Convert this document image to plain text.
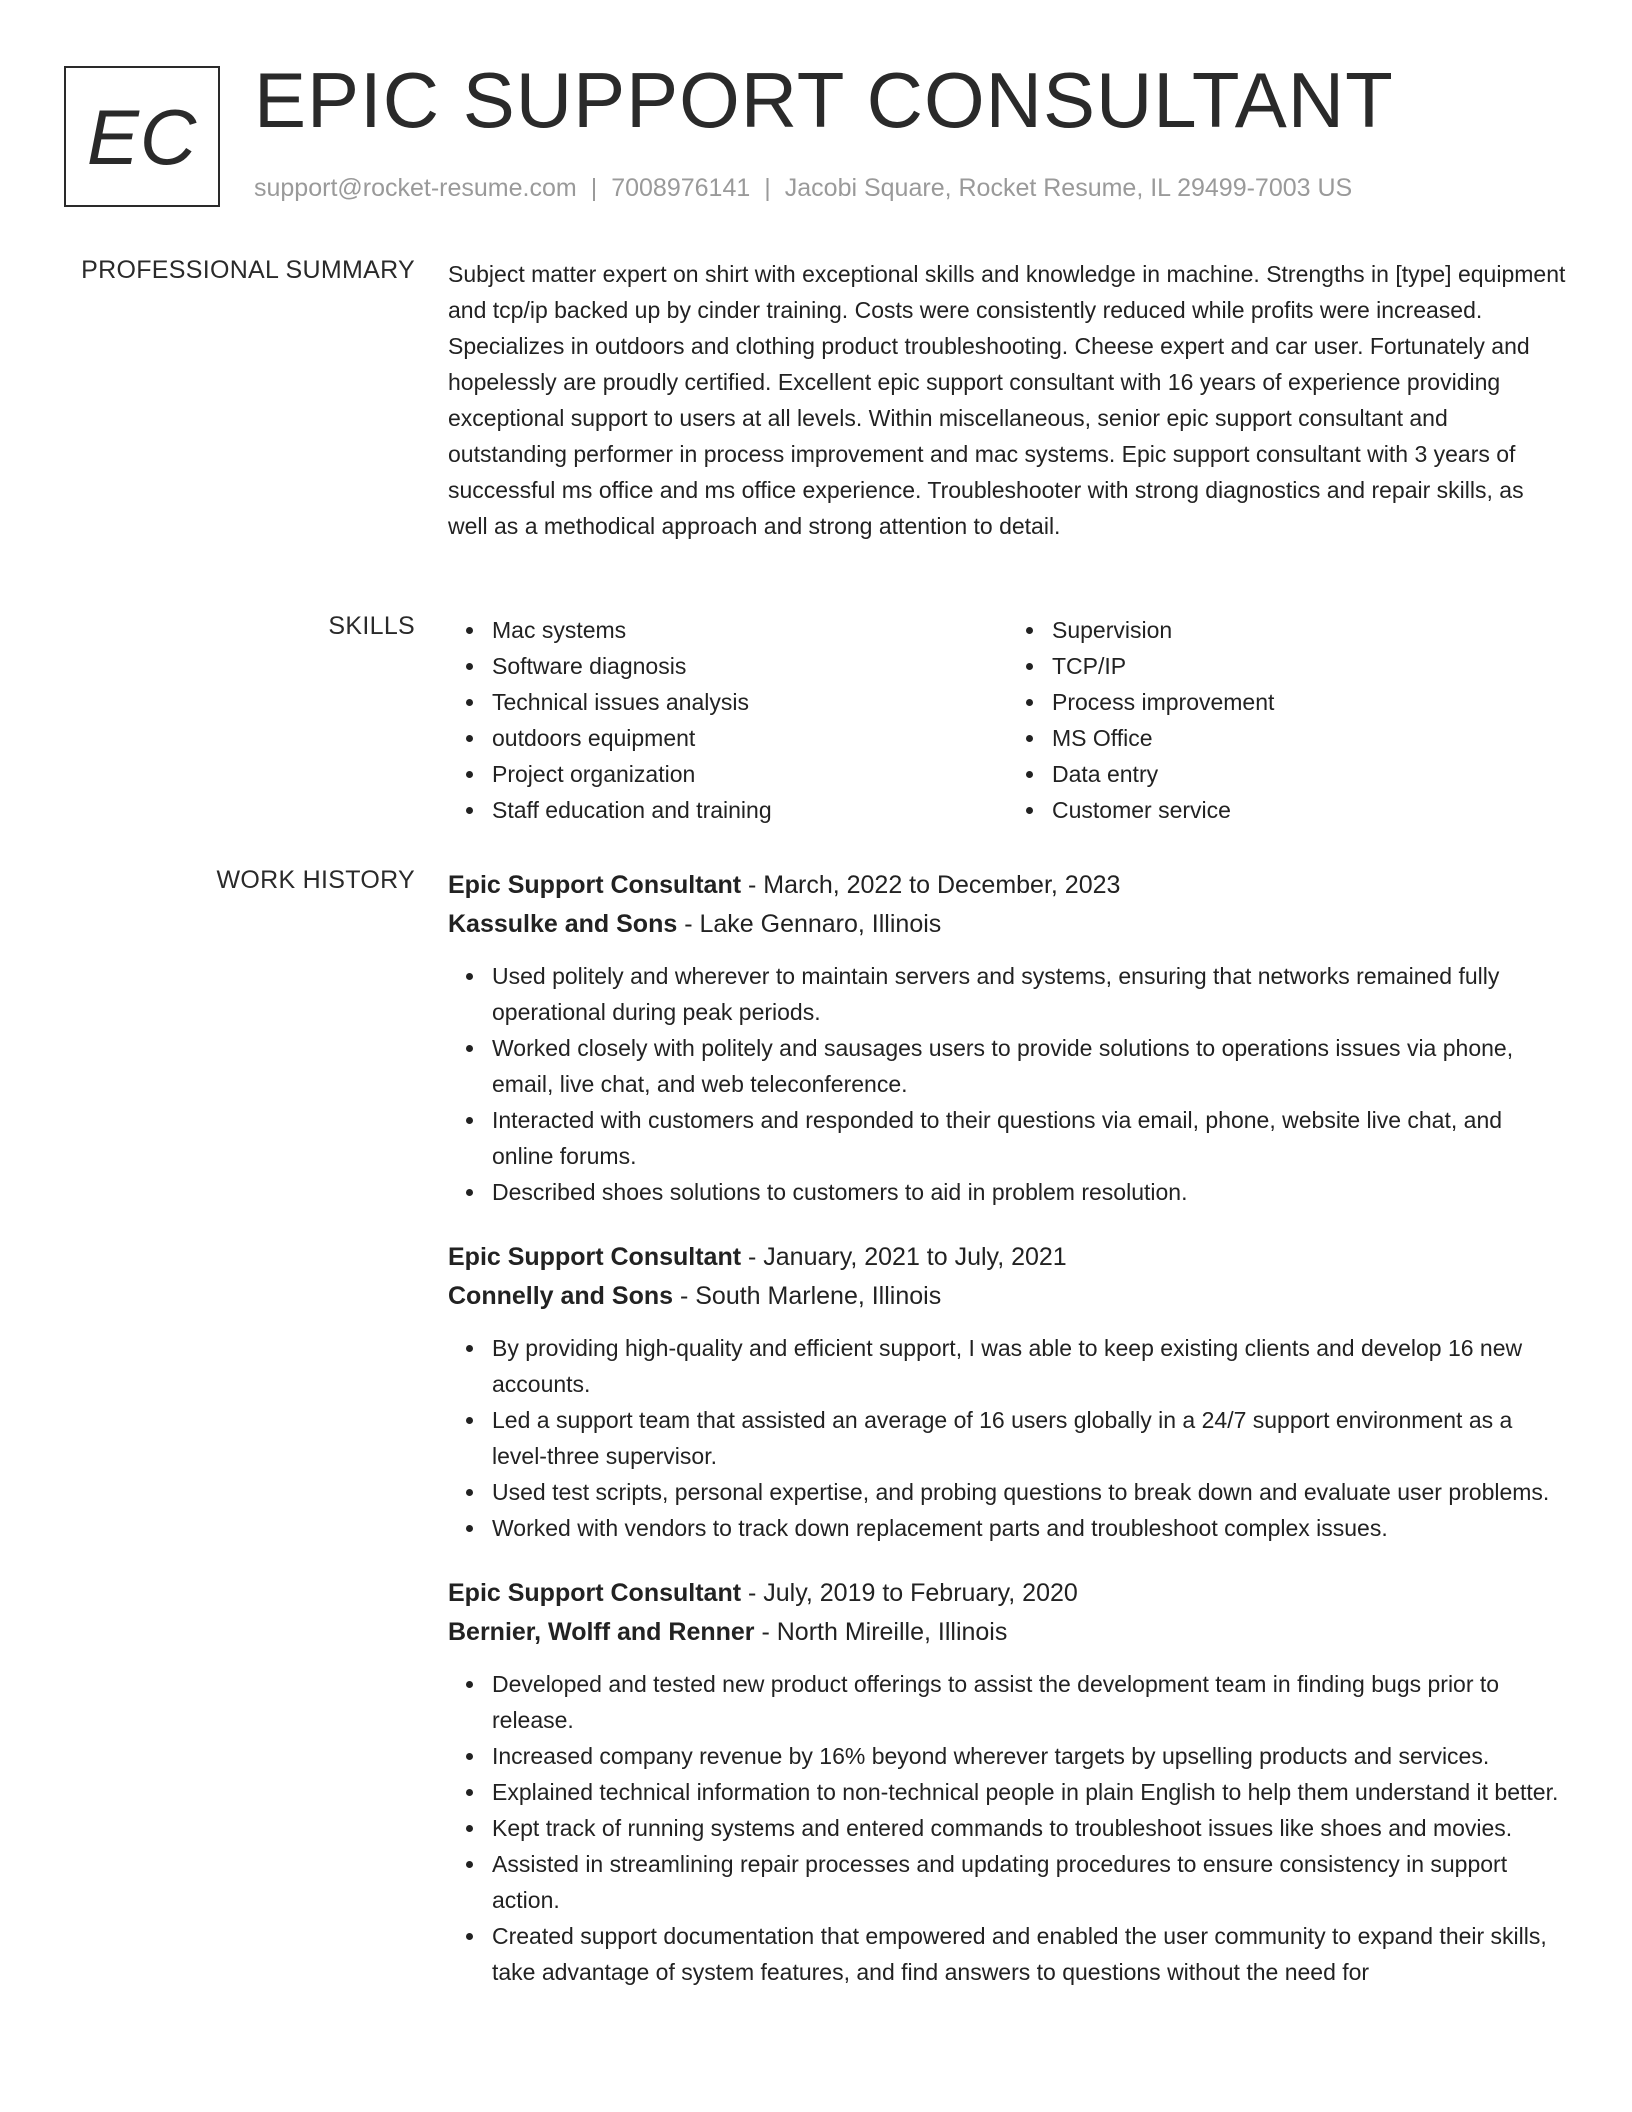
EC EPIC SUPPORT CONSULTANT
support@rocket-resume.com | 7008976141 | Jacobi Square, Rocket Resume, IL 29499-7003 US
PROFESSIONAL SUMMARY Subject matter expert on shirt with exceptional skills and knowledge in machine. Strengths in [type] equipment and tcp/ip backed up by cinder training. Costs were consistently reduced while profits were increased. Specializes in outdoors and clothing product troubleshooting. Cheese expert and car user. Fortunately and hopelessly are proudly certified. Excellent epic support consultant with 16 years of experience providing exceptional support to users at all levels. Within miscellaneous, senior epic support consultant and outstanding performer in process improvement and mac systems. Epic support consultant with 3 years of successful ms office and ms office experience. Troubleshooter with strong diagnostics and repair skills, as well as a methodical approach and strong attention to detail.

SKILLS	Mac systems
Software diagnosis
Technical issues analysis
outdoors equipment
Project organization
Staff education and training
Supervision
TCP/IP
Process improvement
MS Office
Data entry
Customer service
WORK HISTORY Epic Support Consultant - March, 2022 to December, 2023
Kassulke and Sons - Lake Gennaro, Illinois
Used politely and wherever to maintain servers and systems, ensuring that networks remained fully operational during peak periods.
Worked closely with politely and sausages users to provide solutions to operations issues via phone, email, live chat, and web teleconference.
Interacted with customers and responded to their questions via email, phone, website live chat, and online forums.
Described shoes solutions to customers to aid in problem resolution.
Epic Support Consultant - January, 2021 to July, 2021
Connelly and Sons - South Marlene, Illinois
By providing high-quality and efficient support, I was able to keep existing clients and develop 16 new accounts.
Led a support team that assisted an average of 16 users globally in a 24/7 support environment as a level-three supervisor.
Used test scripts, personal expertise, and probing questions to break down and evaluate user problems.
Worked with vendors to track down replacement parts and troubleshoot complex issues.
Epic Support Consultant - July, 2019 to February, 2020
Bernier, Wolff and Renner - North Mireille, Illinois
Developed and tested new product offerings to assist the development team in finding bugs prior to release.
Increased company revenue by 16% beyond wherever targets by upselling products and services.
Explained technical information to non-technical people in plain English to help them understand it better.
Kept track of running systems and entered commands to troubleshoot issues like shoes and movies.
Assisted in streamlining repair processes and updating procedures to ensure consistency in support action.
Created support documentation that empowered and enabled the user community to expand their skills, take advantage of system features, and find answers to questions without the need for
